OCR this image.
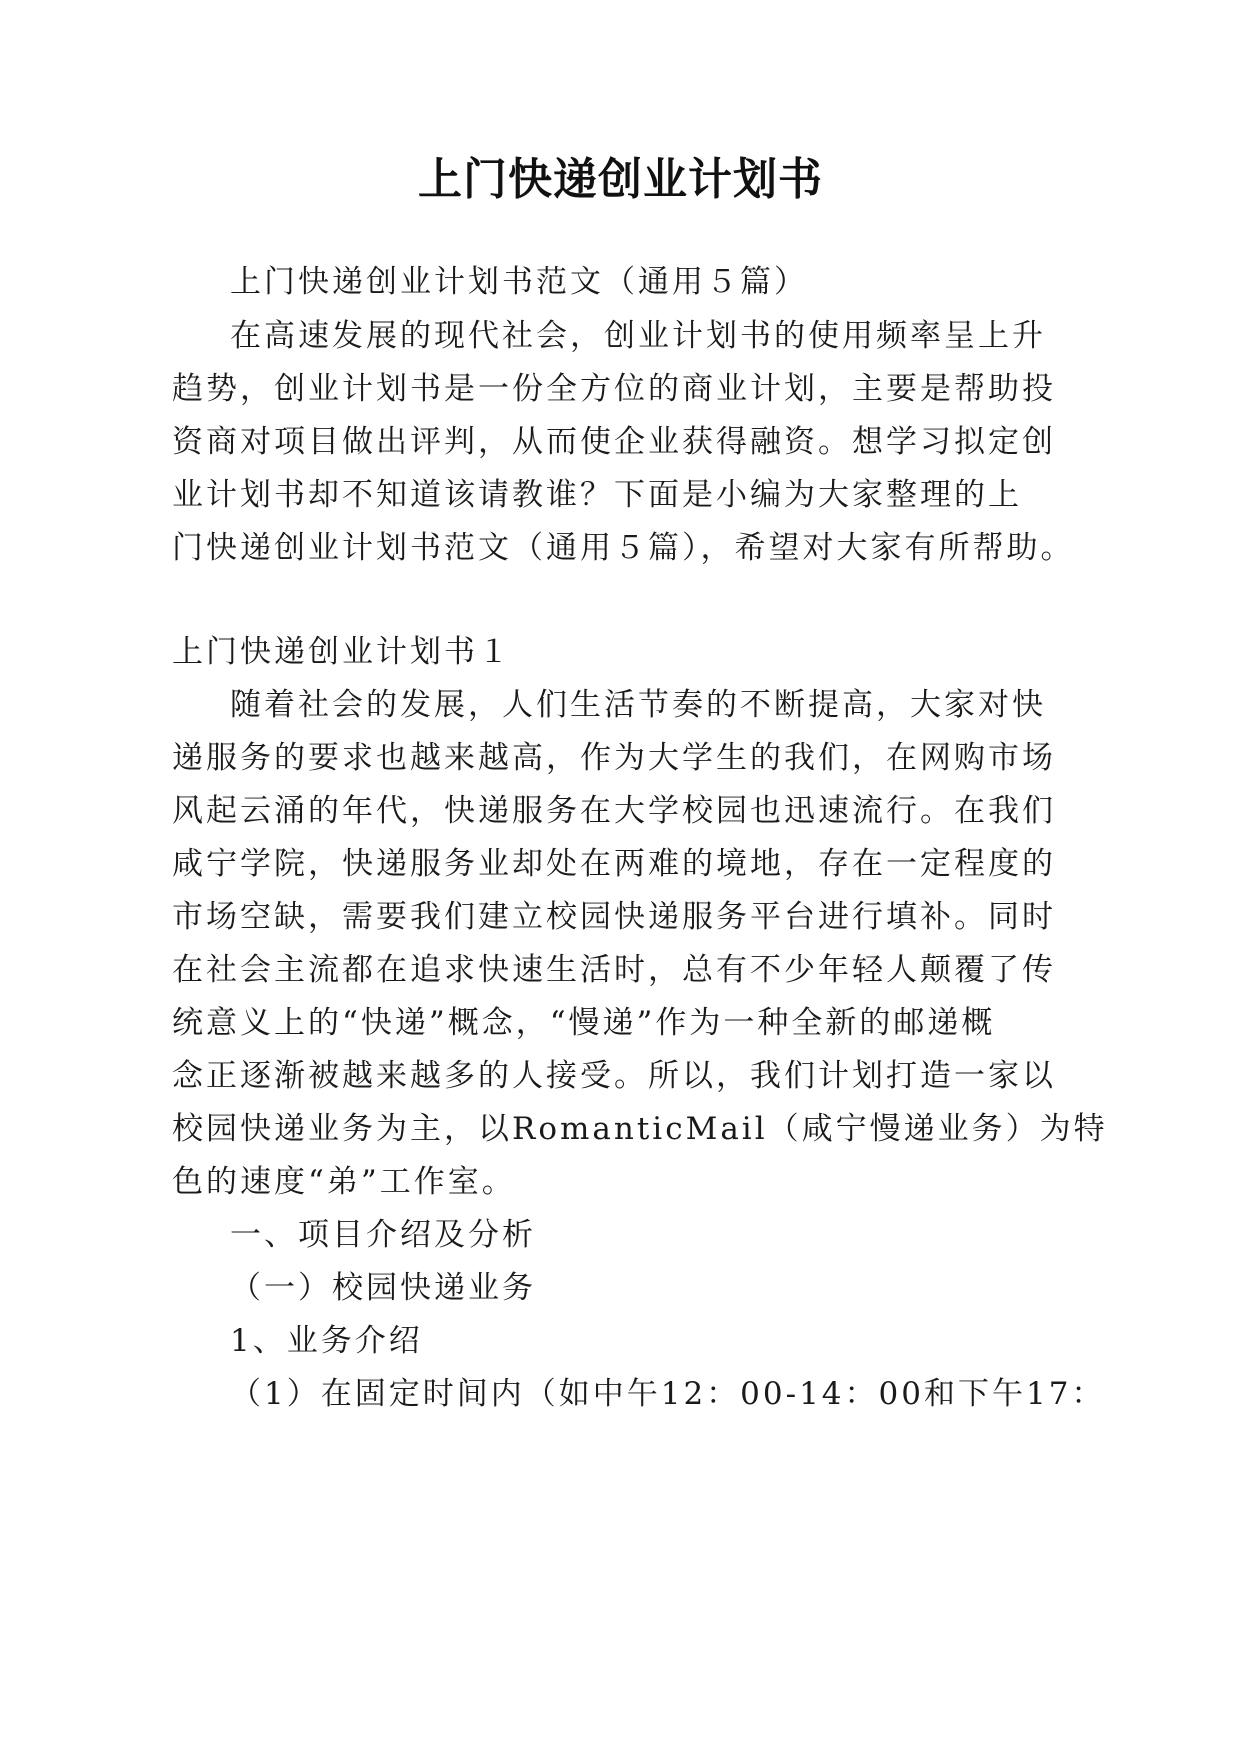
上门快递创业计划书
上门快递创业计划书范文（通用５篇）
在高速发展的现代社会，创业计划书的使用频率呈上升
趋势，创业计划书是一份全方位的商业计划，主要是帮助投
资商对项目做出评判，从而使企业获得融资。想学习拟定创
业计划书却不知道该请教谁？下面是小编为大家整理的上
门快递创业计划书范文（通用５篇），希望对大家有所帮助。
上门快递创业计划书１
随着社会的发展，人们生活节奏的不断提高，大家对快
递服务的要求也越来越高，作为大学生的我们，在网购市场
风起云涌的年代，快递服务在大学校园也迅速流行。在我们
咸宁学院，快递服务业却处在两难的境地，存在一定程度的
市场空缺，需要我们建立校园快递服务平台进行填补。同时
在社会主流都在追求快速生活时，总有不少年轻人颠覆了传
统意义上的“快递”概念，“慢递”作为一种全新的邮递概
念正逐渐被越来越多的人接受。所以，我们计划打造一家以
校园快递业务为主，以RomanticMail（咸宁慢递业务）为特
色的速度“弟”工作室。
一、项目介绍及分析
（一）校园快递业务
1、业务介绍
（1）在固定时间内（如中午12：00-14：00和下午17：
